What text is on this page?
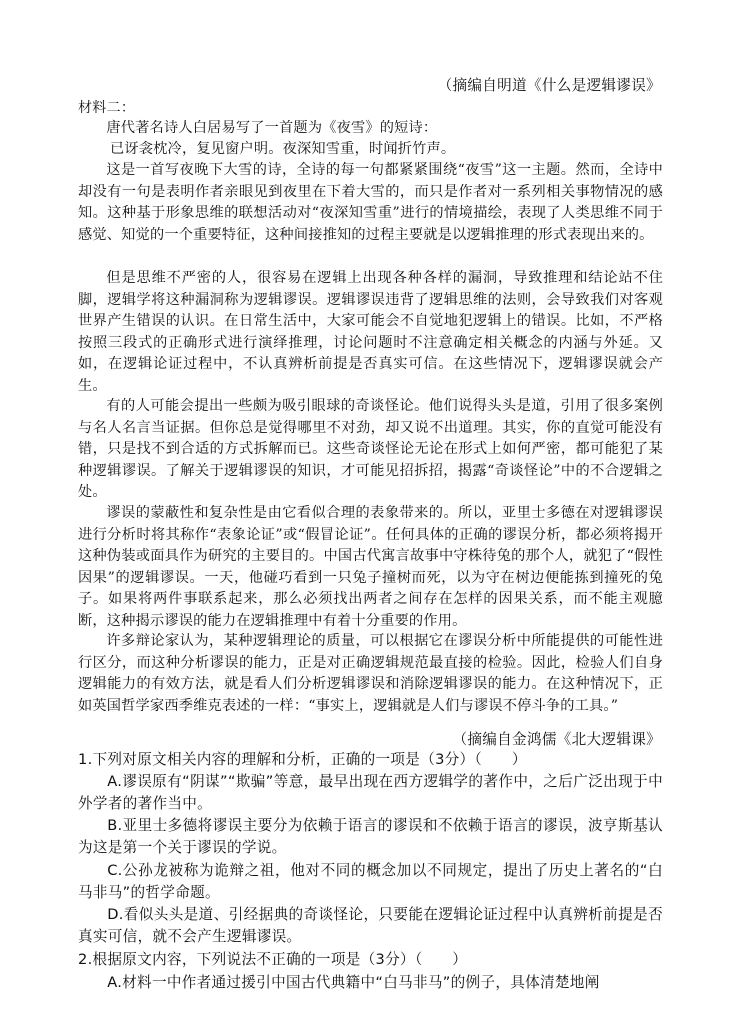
（摘编自明道《什么是逻辑谬误》
材料二：

唐代著名诗人白居易写了一首题为《夜雪》的短诗：

已讶衾枕冷，复见窗户明。夜深知雪重，时闻折竹声。

这是一首写夜晚下大雪的诗，全诗的每一句都紧紧围绕“夜雪”这一主题。然而，全诗中却没有一句是表明作者亲眼见到夜里在下着大雪的，而只是作者对一系列相关事物情况的感知。这种基于形象思维的联想活动对“夜深知雪重”进行的情境描绘，表现了人类思维不同于感觉、知觉的一个重要特征，这种间接推知的过程主要就是以逻辑推理的形式表现出来的。

但是思维不严密的人，很容易在逻辑上出现各种各样的漏洞，导致推理和结论站不住脚，逻辑学将这种漏洞称为逻辑谬误。逻辑谬误违背了逻辑思维的法则，会导致我们对客观世界产生错误的认识。在日常生活中，大家可能会不自觉地犯逻辑上的错误。比如，不严格按照三段式的正确形式进行演绎推理，讨论问题时不注意确定相关概念的内涵与外延。又如，在逻辑论证过程中，不认真辨析前提是否真实可信。在这些情况下，逻辑谬误就会产生。

有的人可能会提出一些颇为吸引眼球的奇谈怪论。他们说得头头是道，引用了很多案例与名人名言当证据。但你总是觉得哪里不对劲，却又说不出道理。其实，你的直觉可能没有错，只是找不到合适的方式拆解而已。这些奇谈怪论无论在形式上如何严密，都可能犯了某种逻辑谬误。了解关于逻辑谬误的知识，才可能见招拆招，揭露“奇谈怪论”中的不合逻辑之处。

谬误的蒙蔽性和复杂性是由它看似合理的表象带来的。所以，亚里士多德在对逻辑谬误进行分析时将其称作“表象论证”或“假冒论证”。任何具体的正确的谬误分析，都必须将揭开这种伪装或面具作为研究的主要目的。中国古代寓言故事中守株待兔的那个人，就犯了“假性因果”的逻辑谬误。一天，他碰巧看到一只兔子撞树而死，以为守在树边便能拣到撞死的兔子。如果将两件事联系起来，那么必须找出两者之间存在怎样的因果关系，而不能主观臆断，这种揭示谬误的能力在逻辑推理中有着十分重要的作用。

许多辩论家认为，某种逻辑理论的质量，可以根据它在谬误分析中所能提供的可能性进行区分，而这种分析谬误的能力，正是对正确逻辑规范最直接的检验。因此，检验人们自身逻辑能力的有效方法，就是看人们分析逻辑谬误和消除逻辑谬误的能力。在这种情况下，正如英国哲学家西季维克表述的一样：“事实上，逻辑就是人们与谬误不停斗争的工具。”

（摘编自金鸿儒《北大逻辑课》

1.下列对原文相关内容的理解和分析，正确的一项是（3分）（　　）

A.谬误原有“阴谋”“欺骗”等意，最早出现在西方逻辑学的著作中，之后广泛出现于中外学者的著作当中。

B.亚里士多德将谬误主要分为依赖于语言的谬误和不依赖于语言的谬误，波亨斯基认为这是第一个关于谬误的学说。

C.公孙龙被称为诡辩之祖，他对不同的概念加以不同规定，提出了历史上著名的“白马非马”的哲学命题。

D.看似头头是道、引经据典的奇谈怪论，只要能在逻辑论证过程中认真辨析前提是否真实可信，就不会产生逻辑谬误。

2.根据原文内容，下列说法不正确的一项是（3分）（　　）

A.材料一中作者通过援引中国古代典籍中“白马非马”的例子，具体清楚地阐
